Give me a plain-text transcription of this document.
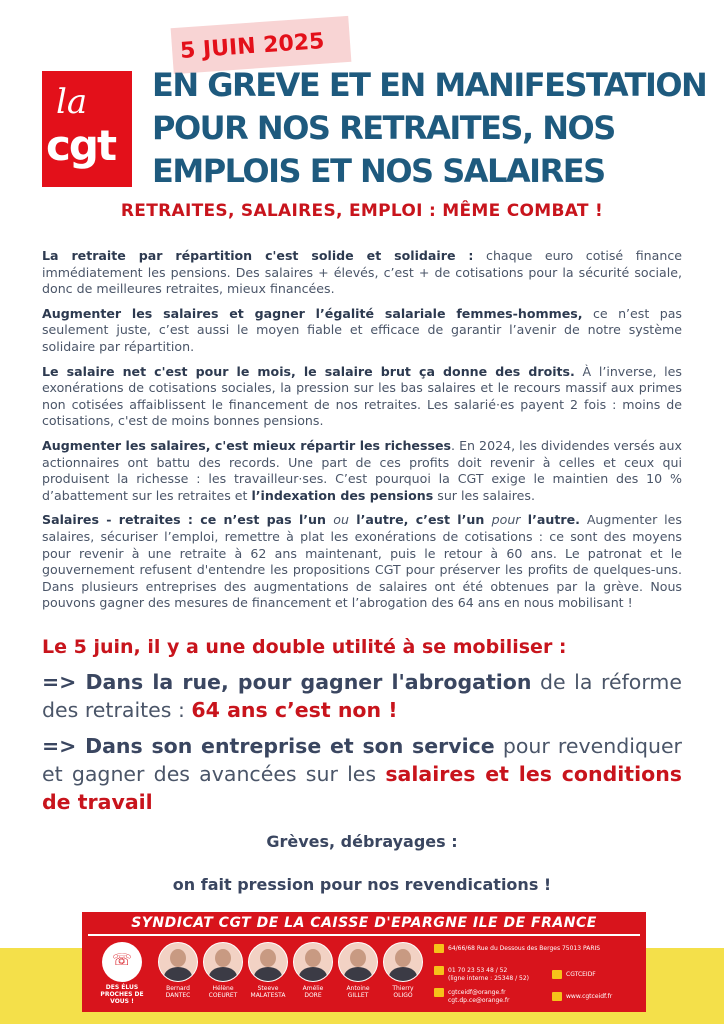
la
cgt
5 JUIN 2025
EN GREVE ET EN MANIFESTATION
POUR NOS RETRAITES, NOS
EMPLOIS ET NOS SALAIRES
RETRAITES, SALAIRES, EMPLOI : MÊME COMBAT !

La retraite par répartition c'est solide et solidaire : chaque euro cotisé finance immédiatement les pensions. Des salaires + élevés, c’est + de cotisations pour la sécurité sociale, donc de meilleures retraites, mieux financées.

Augmenter les salaires et gagner l’égalité salariale femmes-hommes, ce n’est pas seulement juste, c’est aussi le moyen fiable et efficace de garantir l’avenir de notre système solidaire par répartition.

Le salaire net c'est pour le mois, le salaire brut ça donne des droits. À l’inverse, les exonérations de cotisations sociales, la pression sur les bas salaires et le recours massif aux primes non cotisées affaiblissent le financement de nos retraites. Les salarié·es payent 2 fois : moins de cotisations, c'est de moins bonnes pensions.

Augmenter les salaires, c'est mieux répartir les richesses. En 2024, les dividendes versés aux actionnaires ont battu des records. Une part de ces profits doit revenir à celles et ceux qui produisent la richesse : les travailleur·ses. C’est pourquoi la CGT exige le maintien des 10 % d’abattement sur les retraites et l’indexation des pensions sur les salaires.

Salaires - retraites : ce n’est pas l’un ou l’autre, c’est l’un pour l’autre. Augmenter les salaires, sécuriser l’emploi, remettre à plat les exonérations de cotisations : ce sont des moyens pour revenir à une retraite à 62 ans maintenant, puis le retour à 60 ans. Le patronat et le gouvernement refusent d'entendre les propositions CGT pour préserver les profits de quelques-uns. Dans plusieurs entreprises des augmentations de salaires ont été obtenues par la grève. Nous pouvons gagner des mesures de financement et l’abrogation des 64 ans en nous mobilisant !

Le 5 juin, il y a une double utilité à se mobiliser :
=> Dans la rue, pour gagner l'abrogation de la réforme des retraites : 64 ans c’est non !
=> Dans son entreprise et son service pour revendiquer et gagner des avancées sur les salaires et les conditions de travail
Grèves, débrayages :
on fait pression pour nos revendications !
SYNDICAT CGT DE LA CAISSE D'EPARGNE ILE DE FRANCE
☏
DES ÉLUS PROCHES DE VOUS !
Bernard
DANTEC
Hélène
COEURET
Steeve
MALATESTA
Amélie
DORE
Antoine
GILLET
Thierry
OLIGO
64/66/68 Rue du Dessous des Berges 75013 PARIS
01 70 23 53 48 / 52
(ligne interne : 25348 / 52)
CGTCEIDF
cgtceidf@orange.fr
cgt.dp.ce@orange.fr
www.cgtceidf.fr
